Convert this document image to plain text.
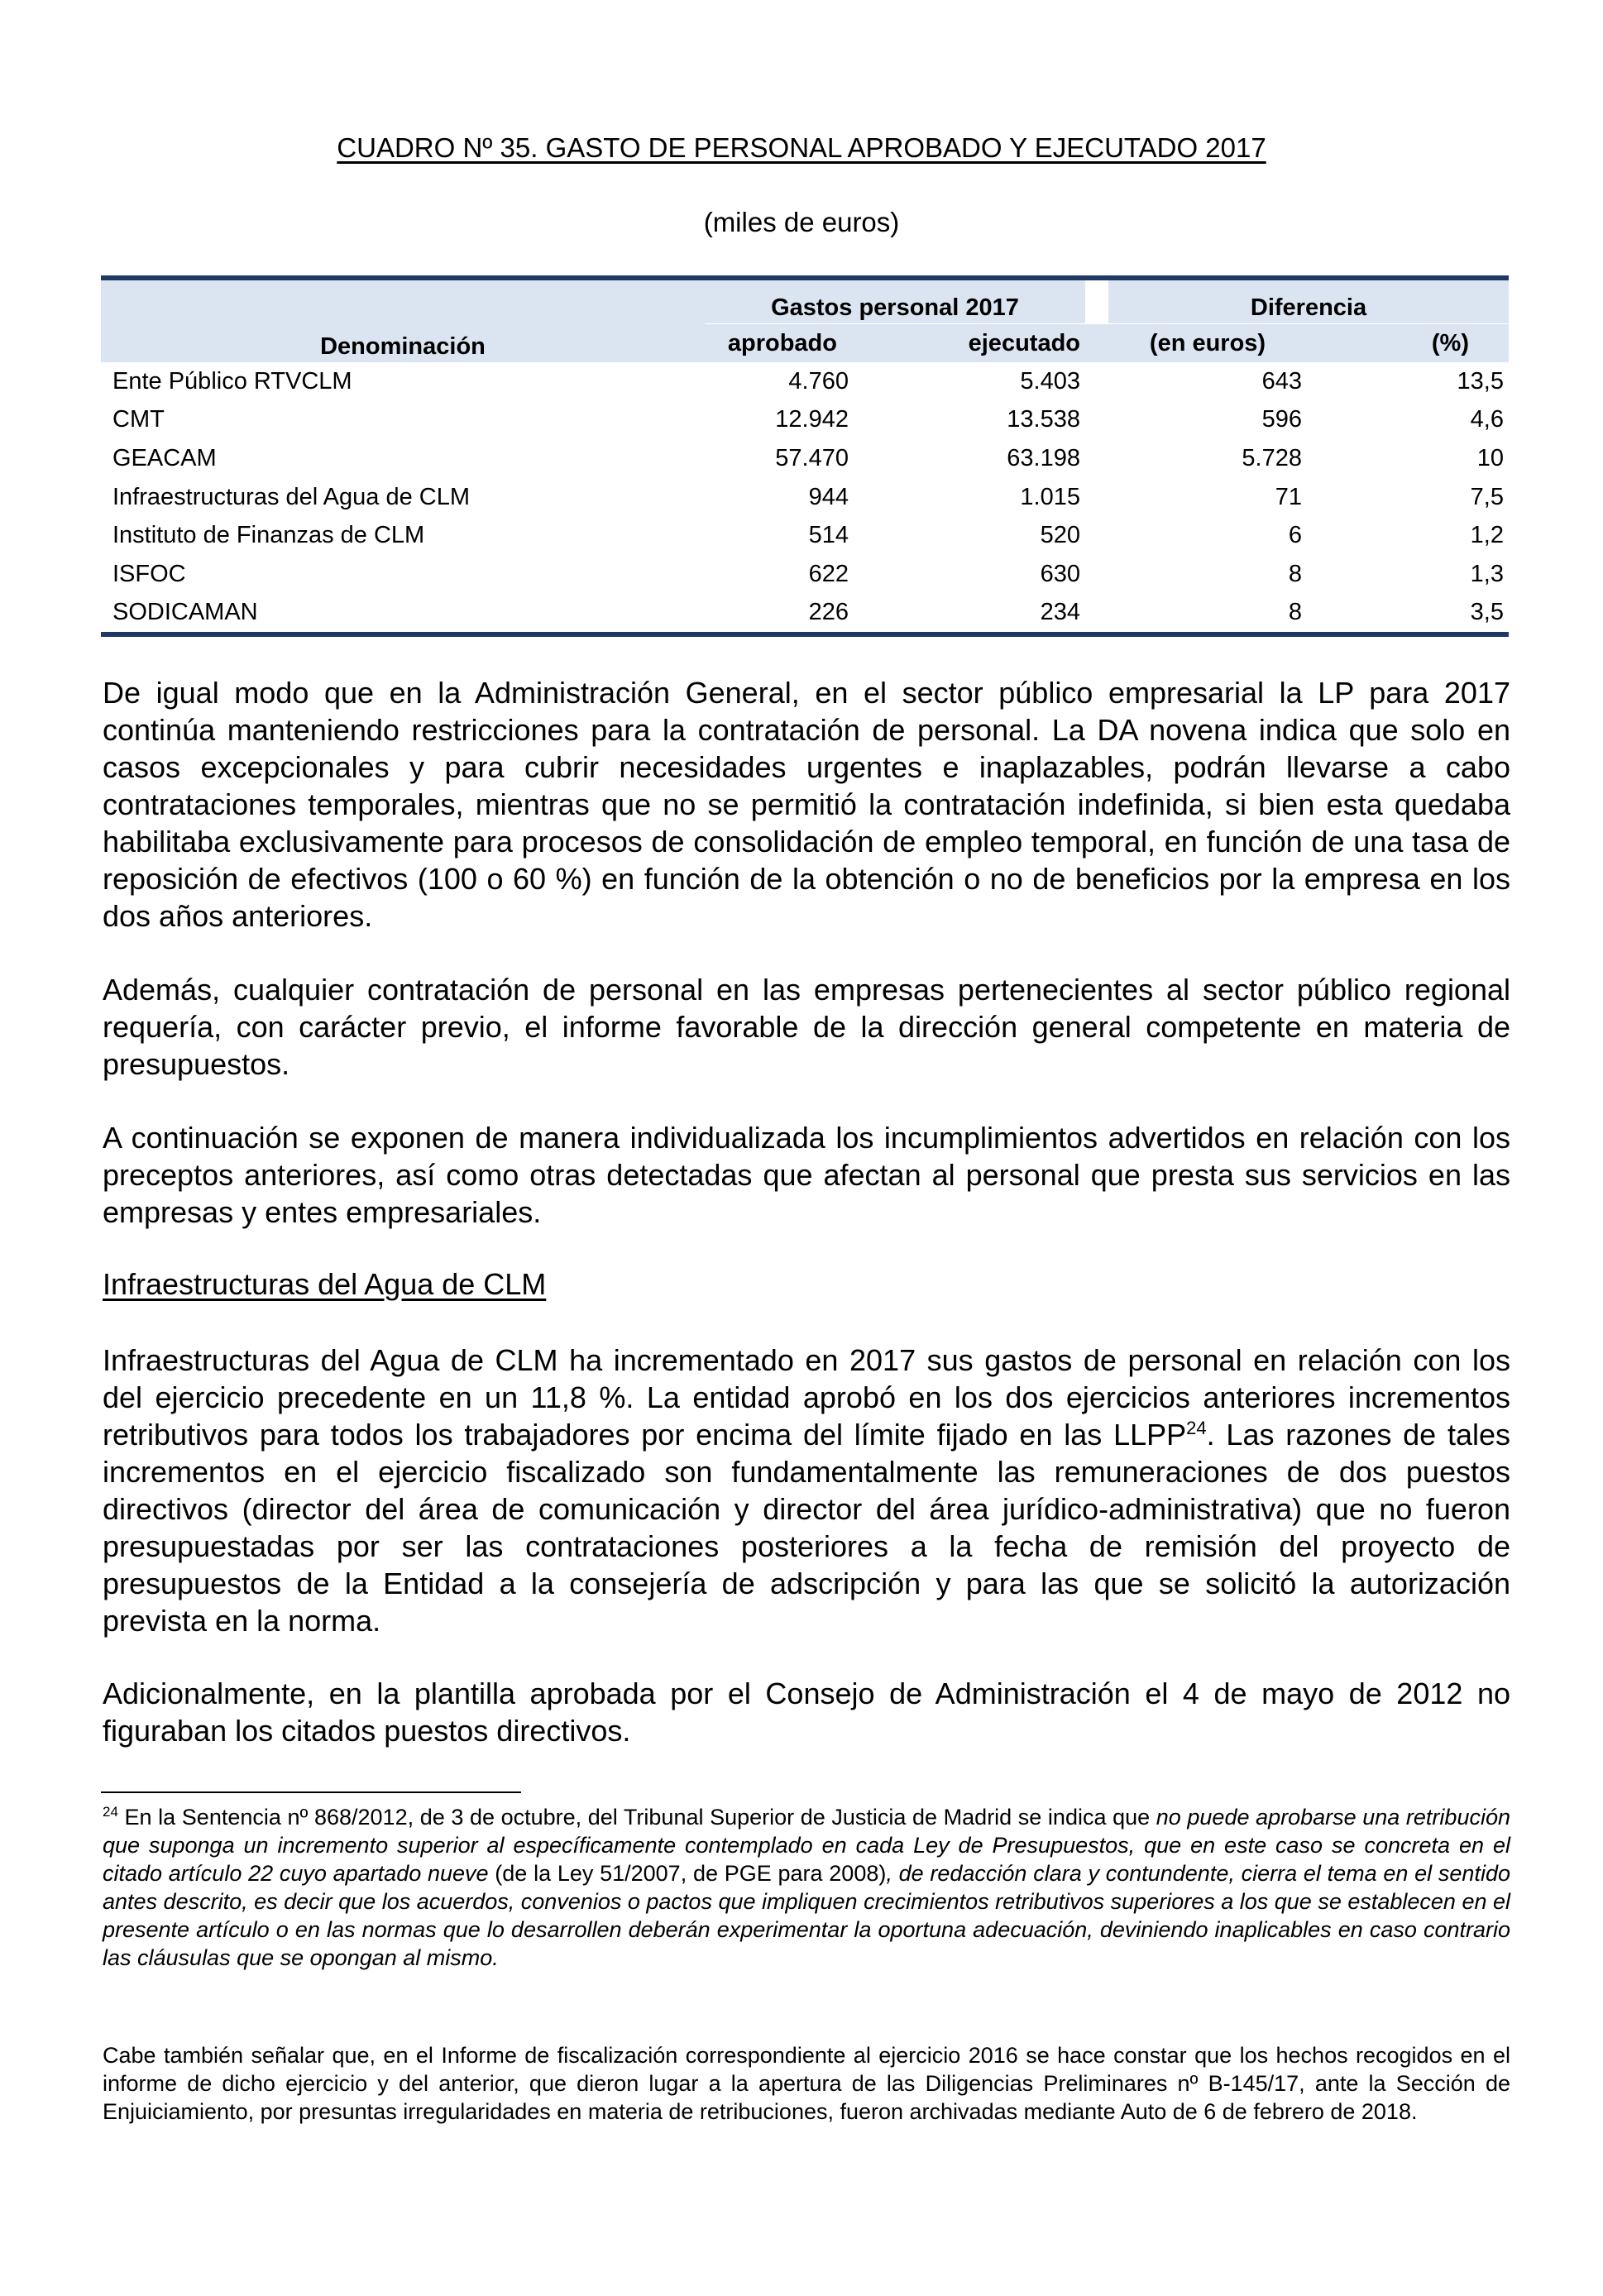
CUADRO Nº 35. GASTO DE PERSONAL APROBADO Y EJECUTADO 2017
(miles de euros)
Denominación	Gastos personal 2017			Diferencia	
	aprobado	ejecutado		(en euros)	(%)
Ente Público RTVCLM	4.760	5.403		643	13,5
CMT	12.942	13.538		596	4,6
GEACAM	57.470	63.198		5.728	10
Infraestructuras del Agua de CLM	944	1.015		71	7,5
Instituto de Finanzas de CLM	514	520		6	1,2
ISFOC	622	630		8	1,3
SODICAMAN	226	234		8	3,5

De igual modo que en la Administración General, en el sector público empresarial la LP para 2017 continúa manteniendo restricciones para la contratación de personal. La DA novena indica que solo en casos excepcionales y para cubrir necesidades urgentes e inaplazables, podrán llevarse a cabo contrataciones temporales, mientras que no se permitió la contratación indefinida, si bien esta quedaba habilitaba exclusivamente para procesos de consolidación de empleo temporal, en función de una tasa de reposición de efectivos (100 o 60 %) en función de la obtención o no de beneficios por la empresa en los dos años anteriores.

Además, cualquier contratación de personal en las empresas pertenecientes al sector público regional requería, con carácter previo, el informe favorable de la dirección general competente en materia de presupuestos.

A continuación se exponen de manera individualizada los incumplimientos advertidos en relación con los preceptos anteriores, así como otras detectadas que afectan al personal que presta sus servicios en las empresas y entes empresariales.

Infraestructuras del Agua de CLM

Infraestructuras del Agua de CLM ha incrementado en 2017 sus gastos de personal en relación con los del ejercicio precedente en un 11,8 %. La entidad aprobó en los dos ejercicios anteriores incrementos retributivos para todos los trabajadores por encima del límite fijado en las LLPP$^{24}$. Las razones de tales incrementos en el ejercicio fiscalizado son fundamentalmente las remuneraciones de dos puestos directivos (director del área de comunicación y director del área jurídico-administrativa) que no fueron presupuestadas por ser las contrataciones posteriores a la fecha de remisión del proyecto de presupuestos de la Entidad a la consejería de adscripción y para las que se solicitó la autorización prevista en la norma.

Adicionalmente, en la plantilla aprobada por el Consejo de Administración el 4 de mayo de 2012 no figuraban los citados puestos directivos.

$^{24}$ En la Sentencia nº 868/2012, de 3 de octubre, del Tribunal Superior de Justicia de Madrid se indica que no puede aprobarse una retribución que suponga un incremento superior al específicamente contemplado en cada Ley de Presupuestos, que en este caso se concreta en el citado artículo 22 cuyo apartado nueve (de la Ley 51/2007, de PGE para 2008), de redacción clara y contundente, cierra el tema en el sentido antes descrito, es decir que los acuerdos, convenios o pactos que impliquen crecimientos retributivos superiores a los que se establecen en el presente artículo o en las normas que lo desarrollen deberán experimentar la oportuna adecuación, deviniendo inaplicables en caso contrario las cláusulas que se opongan al mismo.

Cabe también señalar que, en el Informe de fiscalización correspondiente al ejercicio 2016 se hace constar que los hechos recogidos en el informe de dicho ejercicio y del anterior, que dieron lugar a la apertura de las Diligencias Preliminares nº B-145/17, ante la Sección de Enjuiciamiento, por presuntas irregularidades en materia de retribuciones, fueron archivadas mediante Auto de 6 de febrero de 2018.
